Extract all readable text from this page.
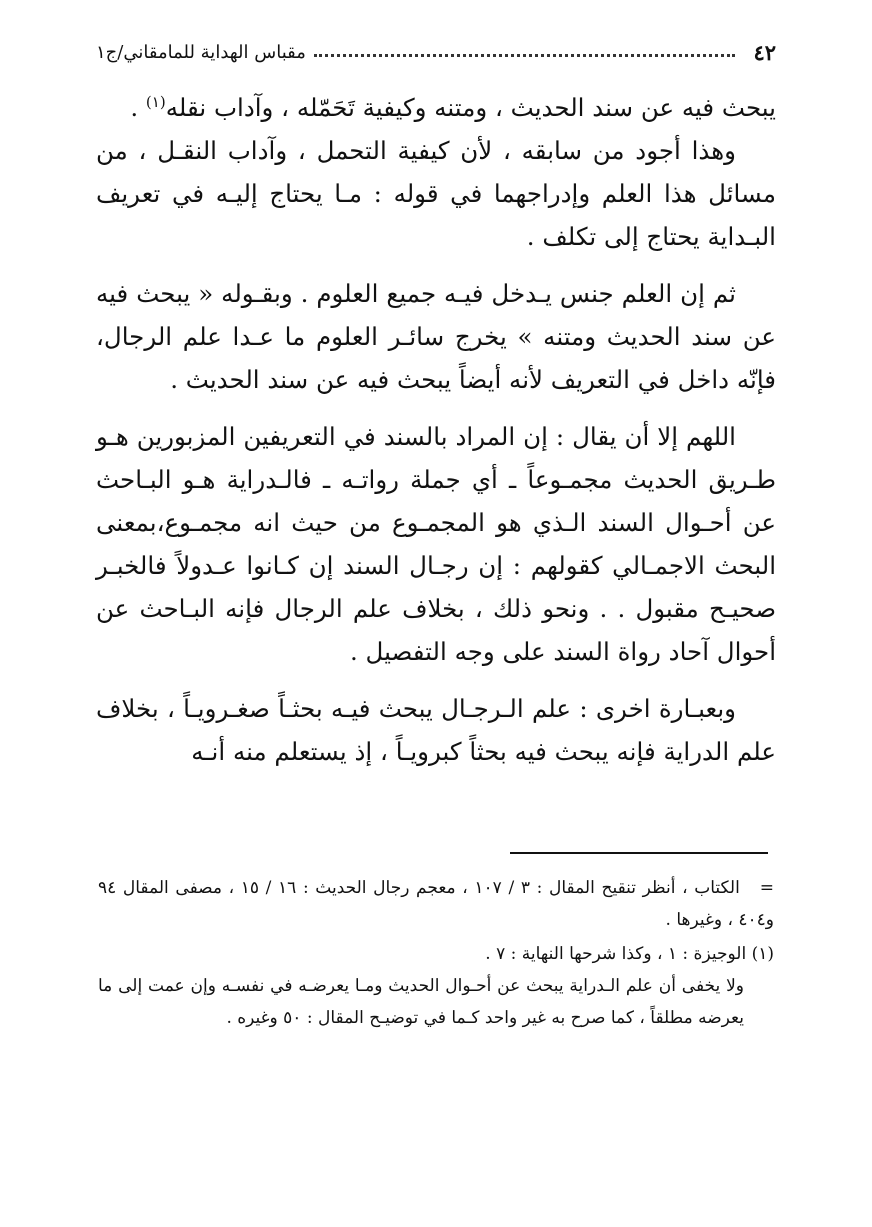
٤٢
مقباس الهداية للمامقاني/ج١

يبحث فيه عن سند الحديث ، ومتنه وكيفية تَحَمّله ، وآداب نقله$^{(١)}$ .

وهذا أجود من سابقه ، لأن كيفية التحمل ، وآداب النقـل ، من مسائل هذا العلم وإدراجهما في قوله : مـا يحتاج إليـه في تعريف البـداية يحتاج إلى تكلف .

ثم إن العلم جنس يـدخل فيـه جميع العلوم . وبقـوله « يبحث فيه عن سند الحديث ومتنه » يخرج سائـر العلوم ما عـدا علم الرجال، فإنّه داخل في التعريف لأنه أيضاً يبحث فيه عن سند الحديث .

اللهم إلا أن يقال : إن المراد بالسند في التعريفين المزبورين هـو طـريق الحديث مجمـوعاً ـ أي جملة رواتـه ـ فالـدراية هـو البـاحث عن أحـوال السند الـذي هو المجمـوع من حيث انه مجمـوع،بمعنى البحث الاجمـالي كقولهم : إن رجـال السند إن كـانوا عـدولاً فالخبـر صحيـح مقبول . . ونحو ذلك ، بخلاف علم الرجال فإنه البـاحث عن أحوال آحاد رواة السند على وجه التفصيل .

وبعبـارة اخرى : علم الـرجـال يبحث فيـه بحثـاً صغـرويـاً ، بخلاف علم الدراية فإنه يبحث فيه بحثاً كبرويـاً ، إذ يستعلم منه أنـه

=   الكتاب ، أنظر تنقيح المقال : ٣ / ١٠٧ ، معجم رجال الحديث : ١٦ / ١٥ ، مصفى المقال ٩٤ و٤٠٤ ، وغيرها .

(١) الوجيزة : ١ ، وكذا شرحها النهاية : ٧ .

ولا يخفى أن علم الـدراية يبحث عن أحـوال الحديث ومـا يعرضـه في نفسـه وإن عمت إلى ما يعرضه مطلقاً ، كما صرح به غير واحد كـما في توضيـح المقال : ٥٠ وغيره .
